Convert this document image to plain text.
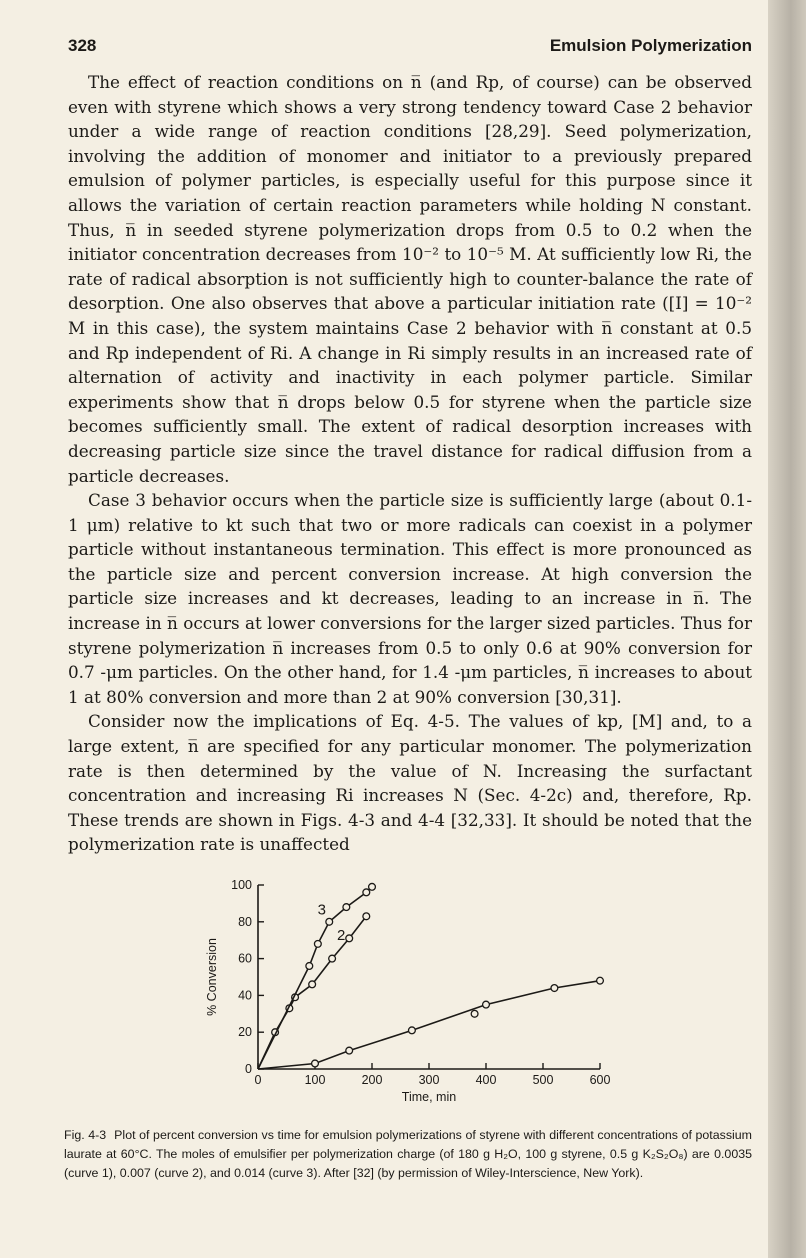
328	Emulsion Polymerization

The effect of reaction conditions on n̅ (and Rp, of course) can be observed even with styrene which shows a very strong tendency toward Case 2 behavior under a wide range of reaction conditions [28,29]. Seed polymerization, involving the addition of monomer and initiator to a previously prepared emulsion of polymer particles, is especially useful for this purpose since it allows the variation of certain reaction parameters while holding N constant. Thus, n̅ in seeded styrene polymerization drops from 0.5 to 0.2 when the initiator concentration decreases from 10⁻² to 10⁻⁵ M. At sufficiently low Ri, the rate of radical absorption is not sufficiently high to counter-balance the rate of desorption. One also observes that above a particular initiation rate ([I] = 10⁻² M in this case), the system maintains Case 2 behavior with n̅ constant at 0.5 and Rp independent of Ri. A change in Ri simply results in an increased rate of alternation of activity and inactivity in each polymer particle. Similar experiments show that n̅ drops below 0.5 for styrene when the particle size becomes sufficiently small. The extent of radical desorption increases with decreasing particle size since the travel distance for radical diffusion from a particle decreases.

Case 3 behavior occurs when the particle size is sufficiently large (about 0.1-1 μm) relative to kt such that two or more radicals can coexist in a polymer particle without instantaneous termination. This effect is more pronounced as the particle size and percent conversion increase. At high conversion the particle size increases and kt decreases, leading to an increase in n̅. The increase in n̅ occurs at lower conversions for the larger sized particles. Thus for styrene polymerization n̅ increases from 0.5 to only 0.6 at 90% conversion for 0.7 -μm particles. On the other hand, for 1.4 -μm particles, n̅ increases to about 1 at 80% conversion and more than 2 at 90% conversion [30,31].

Consider now the implications of Eq. 4-5. The values of kp, [M] and, to a large extent, n̅ are specified for any particular monomer. The polymerization rate is then determined by the value of N. Increasing the surfactant concentration and increasing Ri increases N (Sec. 4-2c) and, therefore, Rp. These trends are shown in Figs. 4-3 and 4-4 [32,33]. It should be noted that the polymerization rate is unaffected

0	100	200	300	400	500	600
0
20
40
60
80
100
Time, min
% Conversion
2
3
Fig. 4-3 Plot of percent conversion vs time for emulsion polymerizations of styrene with different concentrations of potassium laurate at 60°C. The moles of emulsifier per polymerization charge (of 180 g H₂O, 100 g styrene, 0.5 g K₂S₂O₈) are 0.0035 (curve 1), 0.007 (curve 2), and 0.014 (curve 3). After [32] (by permission of Wiley-Interscience, New York).
